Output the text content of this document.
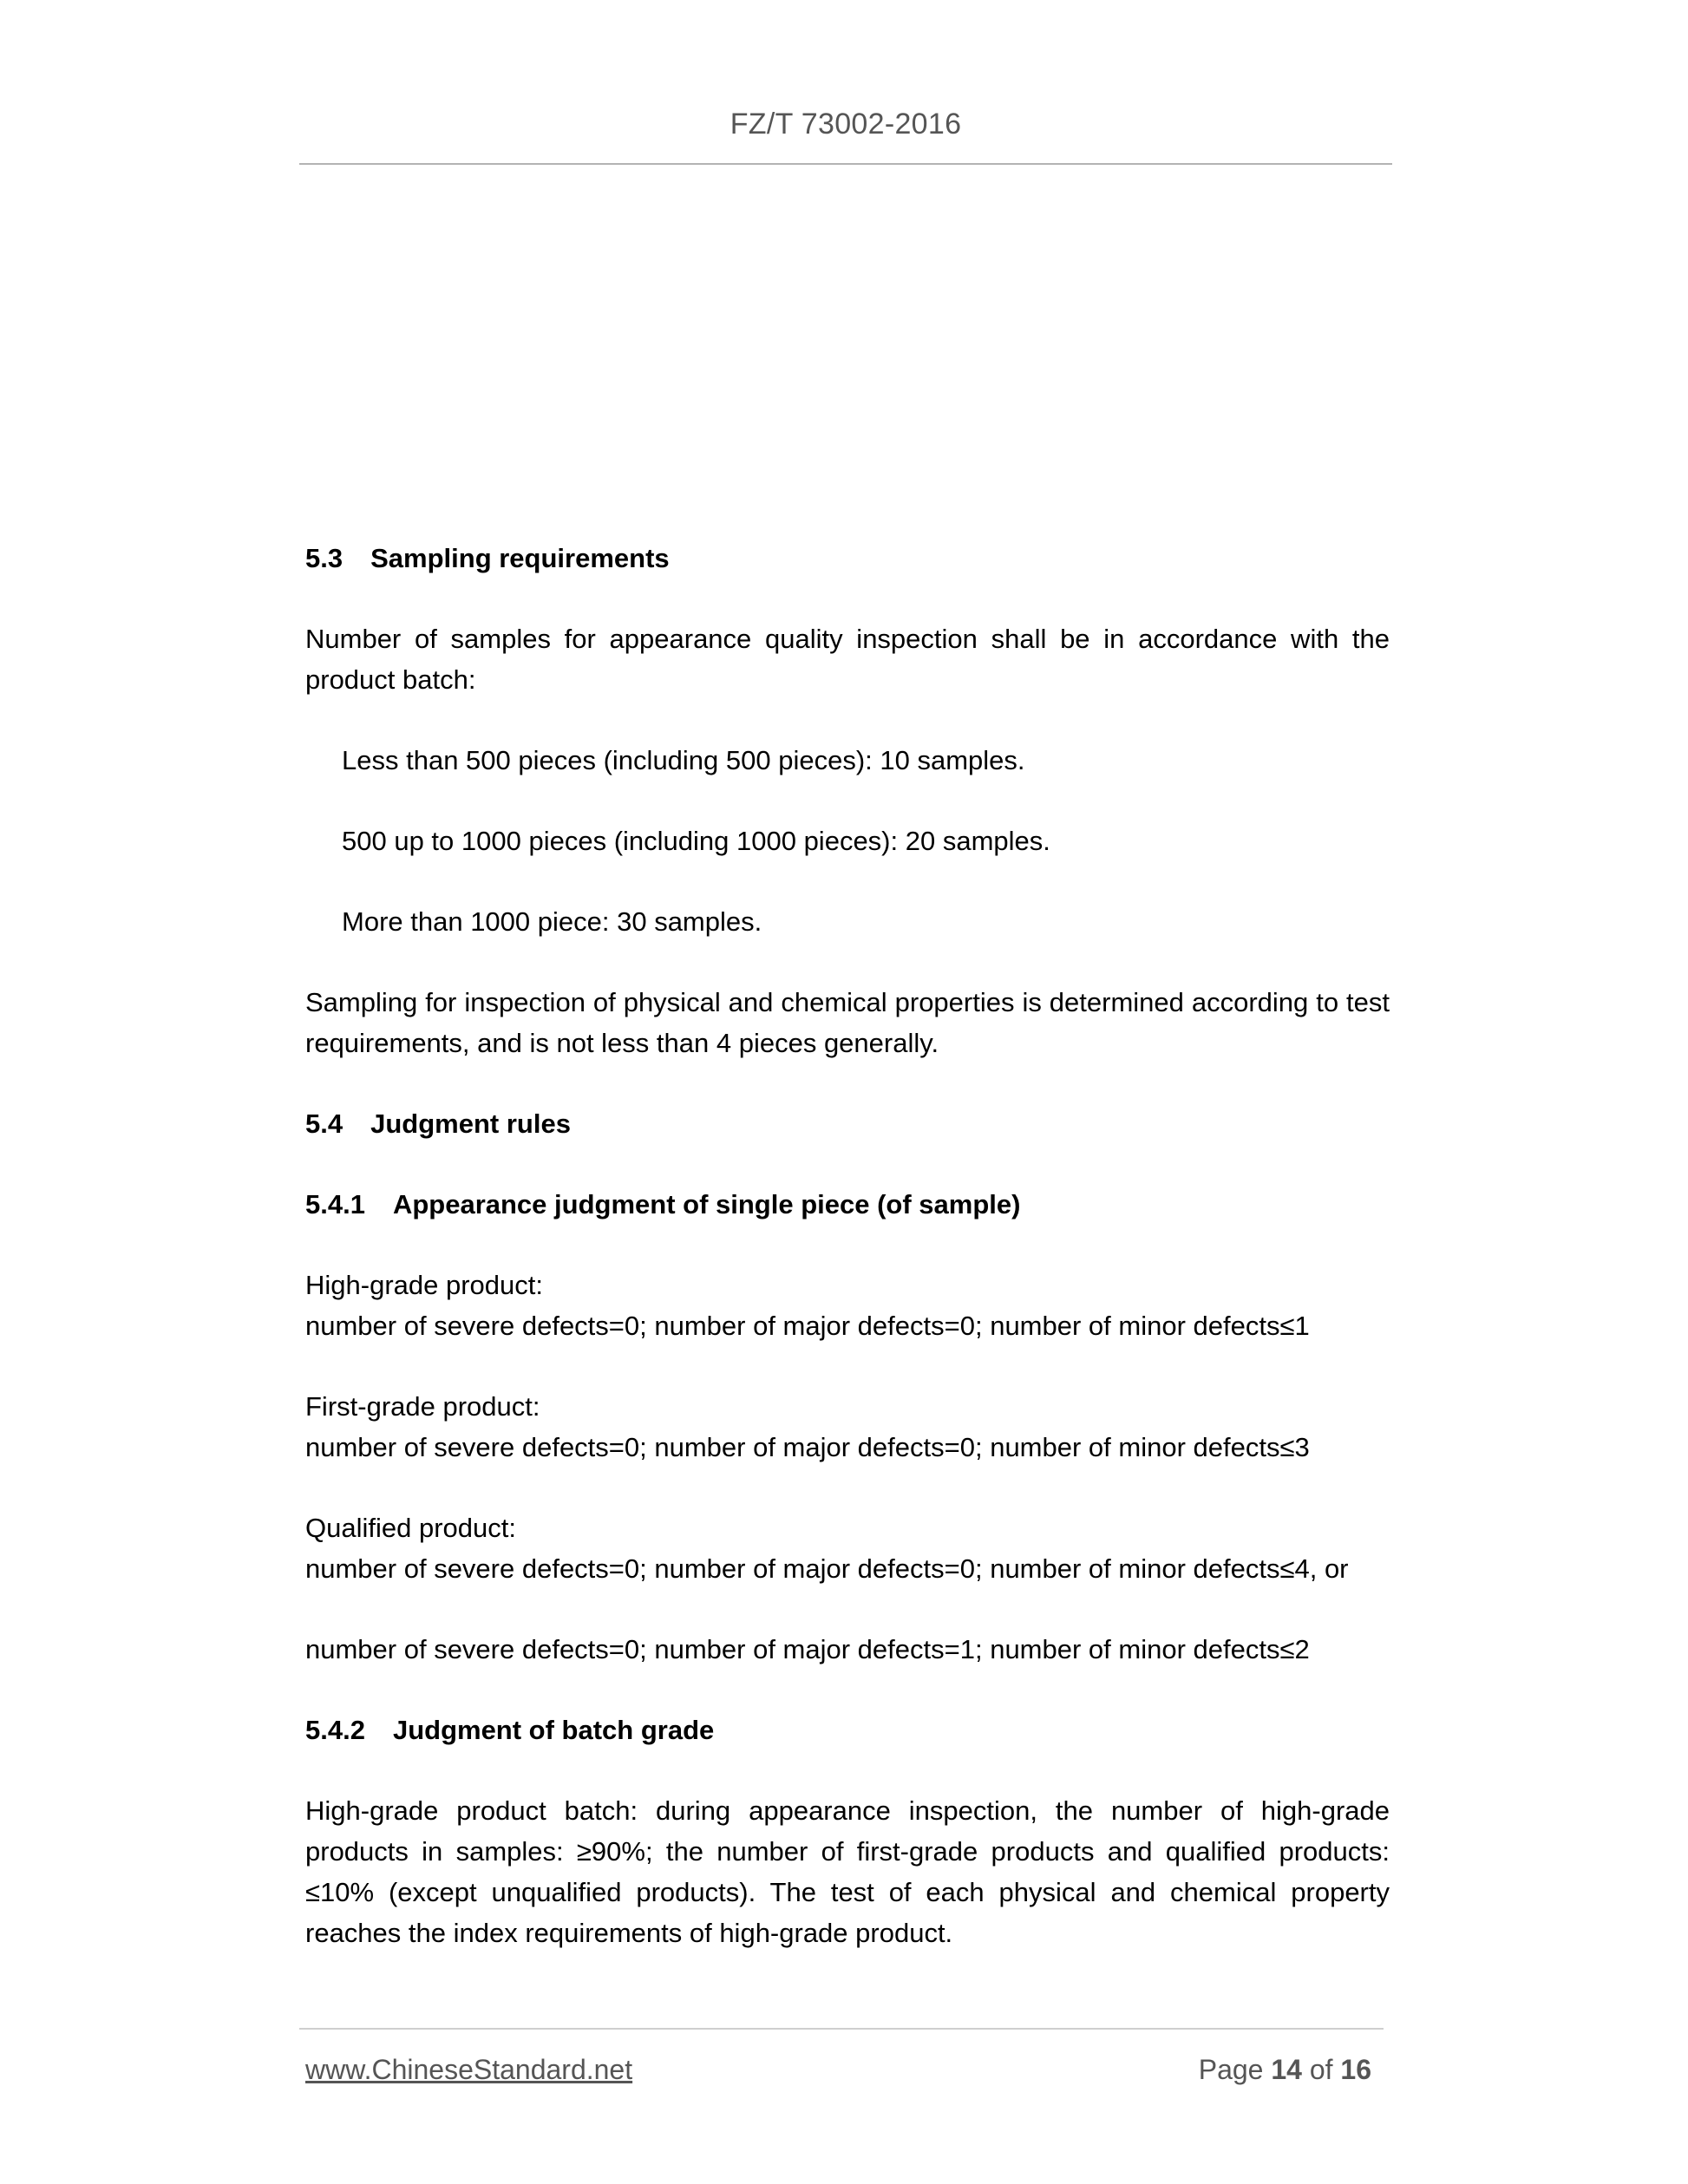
FZ/T 73002-2016
5.3 Sampling requirements
Number of samples for appearance quality inspection shall be in accordance with the product batch:
Less than 500 pieces (including 500 pieces): 10 samples.
500 up to 1000 pieces (including 1000 pieces): 20 samples.
More than 1000 piece: 30 samples.
Sampling for inspection of physical and chemical properties is determined according to test requirements, and is not less than 4 pieces generally.
5.4 Judgment rules
5.4.1 Appearance judgment of single piece (of sample)
High-grade product:
number of severe defects=0; number of major defects=0; number of minor defects≤1
First-grade product:
number of severe defects=0; number of major defects=0; number of minor defects≤3
Qualified product:
number of severe defects=0; number of major defects=0; number of minor defects≤4, or
number of severe defects=0; number of major defects=1; number of minor defects≤2
5.4.2 Judgment of batch grade
High-grade product batch: during appearance inspection, the number of high-grade products in samples: ≥90%; the number of first-grade products and qualified products: ≤10% (except unqualified products). The test of each physical and chemical property reaches the index requirements of high-grade product.
www.ChineseStandard.net	Page 14 of 16
